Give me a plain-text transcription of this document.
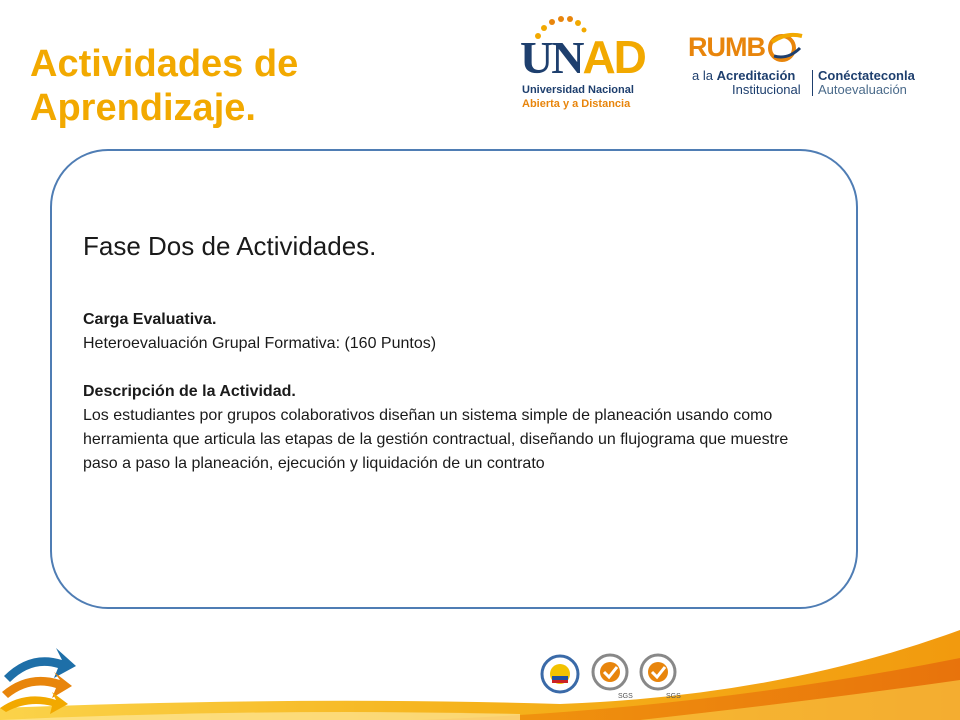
Actividades de
Aprendizaje.
UNAD
Universidad Nacional
Abierta y a Distancia
RUMB
a la Acreditación
Institucional
Conéctateconla
Autoevaluación
Fase Dos de Actividades.
Carga Evaluativa.
Heteroevaluación Grupal Formativa: (160 Puntos)
Descripción de la Actividad.
Los estudiantes por grupos colaborativos diseñan un sistema simple de planeación usando como herramienta que articula las etapas de la gestión contractual, diseñando un flujograma que muestre paso a paso la planeación, ejecución y liquidación de un contrato
SGS	SGS
